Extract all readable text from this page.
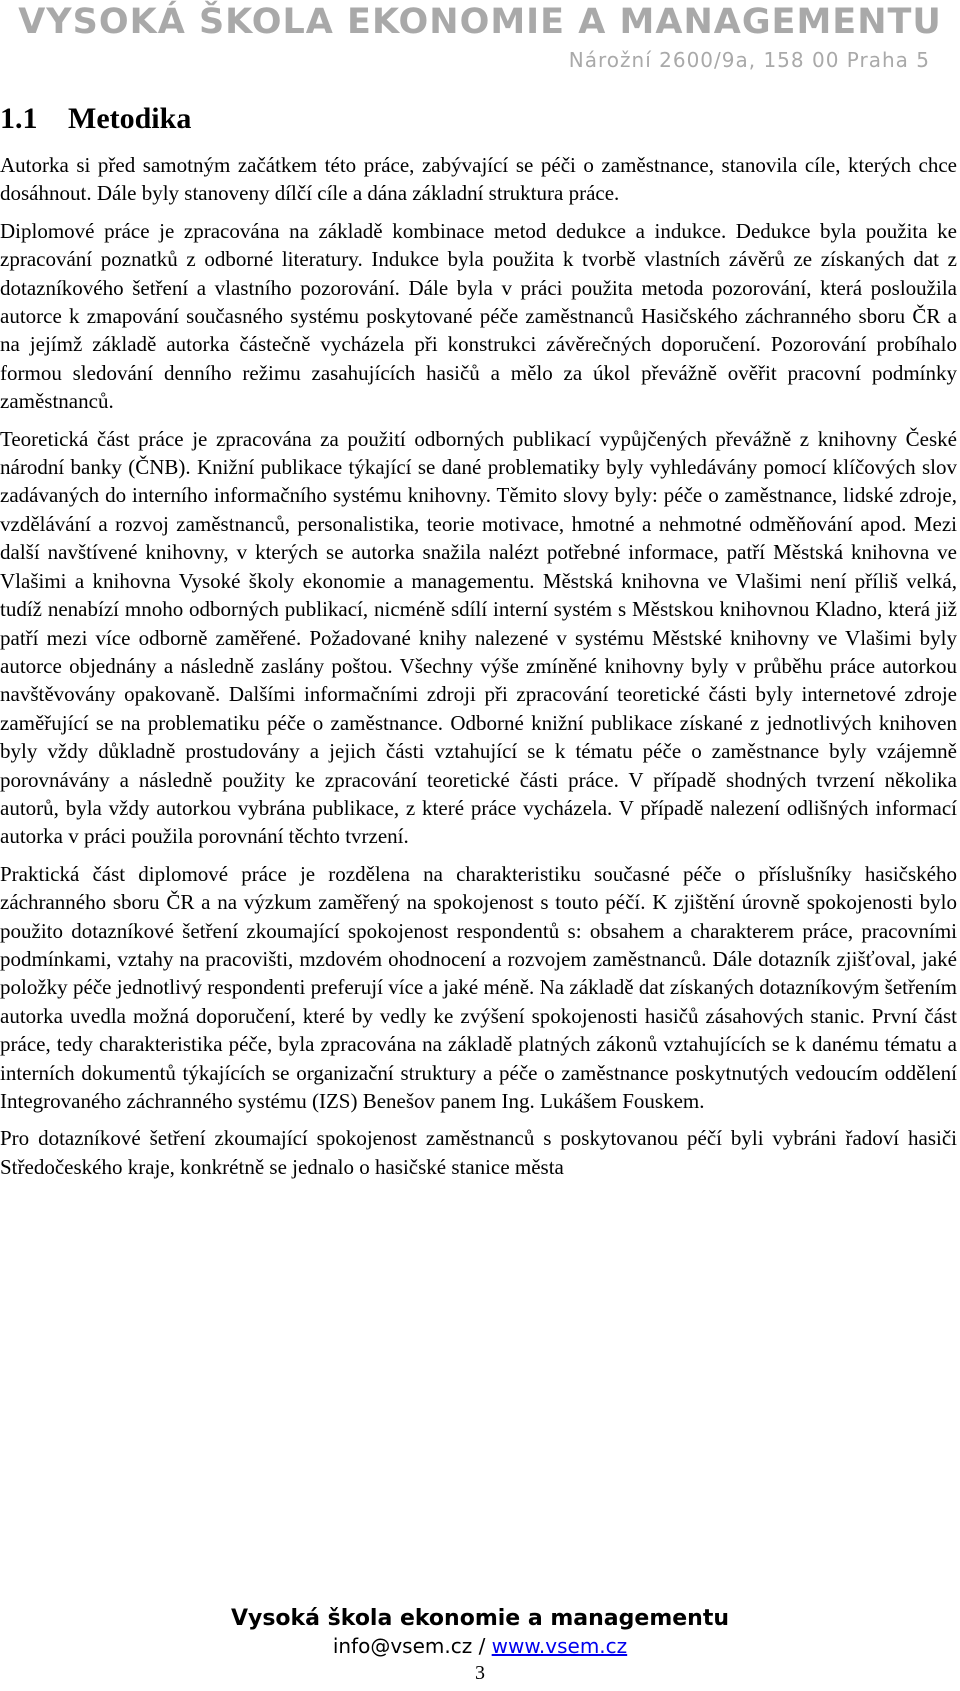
VYSOKÁ ŠKOLA EKONOMIE A MANAGEMENTU
Nárožní 2600/9a, 158 00 Praha 5
1.1 Metodika

Autorka si před samotným začátkem této práce, zabývající se péči o zaměstnance, stanovila cíle, kterých chce dosáhnout. Dále byly stanoveny dílčí cíle a dána základní struktura práce.

Diplomové práce je zpracována na základě kombinace metod dedukce a indukce. Dedukce byla použita ke zpracování poznatků z odborné literatury. Indukce byla použita k tvorbě vlastních závěrů ze získaných dat z dotazníkového šetření a vlastního pozorování. Dále byla v práci použita metoda pozorování, která posloužila autorce k zmapování současného systému poskytované péče zaměstnanců Hasičského záchranného sboru ČR a na jejímž základě autorka částečně vycházela při konstrukci závěrečných doporučení. Pozorování probíhalo formou sledování denního režimu zasahujících hasičů a mělo za úkol převážně ověřit pracovní podmínky zaměstnanců.

Teoretická část práce je zpracována za použití odborných publikací vypůjčených převážně z knihovny České národní banky (ČNB). Knižní publikace týkající se dané problematiky byly vyhledávány pomocí klíčových slov zadávaných do interního informačního systému knihovny. Těmito slovy byly: péče o zaměstnance, lidské zdroje, vzdělávání a rozvoj zaměstnanců, personalistika, teorie motivace, hmotné a nehmotné odměňování apod. Mezi další navštívené knihovny, v kterých se autorka snažila nalézt potřebné informace, patří Městská knihovna ve Vlašimi a knihovna Vysoké školy ekonomie a managementu. Městská knihovna ve Vlašimi není příliš velká, tudíž nenabízí mnoho odborných publikací, nicméně sdílí interní systém s Městskou knihovnou Kladno, která již patří mezi více odborně zaměřené. Požadované knihy nalezené v systému Městské knihovny ve Vlašimi byly autorce objednány a následně zaslány poštou. Všechny výše zmíněné knihovny byly v průběhu práce autorkou navštěvovány opakovaně. Dalšími informačními zdroji při zpracování teoretické části byly internetové zdroje zaměřující se na problematiku péče o zaměstnance. Odborné knižní publikace získané z jednotlivých knihoven byly vždy důkladně prostudovány a jejich části vztahující se k tématu péče o zaměstnance byly vzájemně porovnávány a následně použity ke zpracování teoretické části práce. V případě shodných tvrzení několika autorů, byla vždy autorkou vybrána publikace, z které práce vycházela. V případě nalezení odlišných informací autorka v práci použila porovnání těchto tvrzení.

Praktická část diplomové práce je rozdělena na charakteristiku současné péče o příslušníky hasičského záchranného sboru ČR a na výzkum zaměřený na spokojenost s touto péčí. K zjištění úrovně spokojenosti bylo použito dotazníkové šetření zkoumající spokojenost respondentů s: obsahem a charakterem práce, pracovními podmínkami, vztahy na pracovišti, mzdovém ohodnocení a rozvojem zaměstnanců. Dále dotazník zjišťoval, jaké položky péče jednotlivý respondenti preferují více a jaké méně. Na základě dat získaných dotazníkovým šetřením autorka uvedla možná doporučení, které by vedly ke zvýšení spokojenosti hasičů zásahových stanic. První část práce, tedy charakteristika péče, byla zpracována na základě platných zákonů vztahujících se k danému tématu a interních dokumentů týkajících se organizační struktury a péče o zaměstnance poskytnutých vedoucím oddělení Integrovaného záchranného systému (IZS) Benešov panem Ing. Lukášem Fouskem.

Pro dotazníkové šetření zkoumající spokojenost zaměstnanců s poskytovanou péčí byli vybráni řadoví hasiči Středočeského kraje, konkrétně se jednalo o hasičské stanice města

Vysoká škola ekonomie a managementu
info@vsem.cz / www.vsem.cz
3
